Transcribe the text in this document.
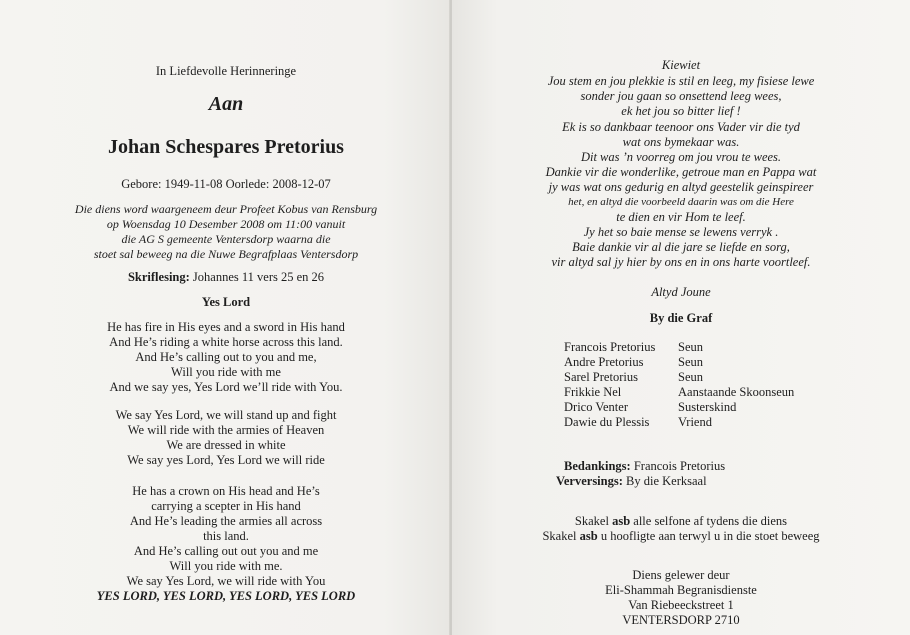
In Liefdevolle Herinneringe
Aan
Johan Schespares Pretorius
Gebore: 1949-11-08 Oorlede: 2008-12-07
Die diens word waargeneem deur Profeet Kobus van Rensburg
op Woensdag 10 Desember 2008 om 11:00 vanuit
die AG S gemeente Ventersdorp waarna die
stoet sal beweeg na die Nuwe Begrafplaas Ventersdorp
Skriflesing: Johannes 11 vers 25 en 26
Yes Lord
He has fire in His eyes and a sword in His hand
And He’s riding a white horse across this land.
And He’s calling out to you and me,
Will you ride with me
And we say yes, Yes Lord we’ll ride with You.
We say Yes Lord, we will stand up and fight
We will ride with the armies of Heaven
We are dressed in white
We say yes Lord, Yes Lord we will ride
He has a crown on His head and He’s
carrying a scepter in His hand
And He’s leading the armies all across
this land.
And He’s calling out out you and me
Will you ride with me.
We say Yes Lord, we will ride with You
YES LORD, YES LORD, YES LORD, YES LORD
Kiewiet
Jou stem en jou plekkie is stil en leeg, my fisiese lewe
sonder jou gaan so onsettend leeg wees,
ek het jou so bitter lief !
Ek is so dankbaar teenoor ons Vader vir die tyd
wat ons bymekaar was.
Dit was ’n voorreg om jou vrou te wees.
Dankie vir die wonderlike, getroue man en Pappa wat
jy was wat ons gedurig en altyd geestelik geinspireer
het, en altyd die voorbeeld daarin was om die Here
te dien en vir Hom te leef.
Jy het so baie mense se lewens verryk .
Baie dankie vir al die jare se liefde en sorg,
vir altyd sal jy hier by ons en in ons harte voortleef.
Altyd Joune
By die Graf
Francois Pretorius Seun
Andre Pretorius	Seun
Sarel Pretorius	Seun
Frikkie Nel	Aanstaande Skoonseun
Drico Venter	Susterskind
Dawie du Plessis Vriend
Bedankings: Francois Pretorius
Verversings: By die Kerksaal
Skakel asb alle selfone af tydens die diens
Skakel asb u hoofligte aan terwyl u in die stoet beweeg
Diens gelewer deur
Eli-Shammah Begranisdienste
Van Riebeeckstreet 1
VENTERSDORP 2710
